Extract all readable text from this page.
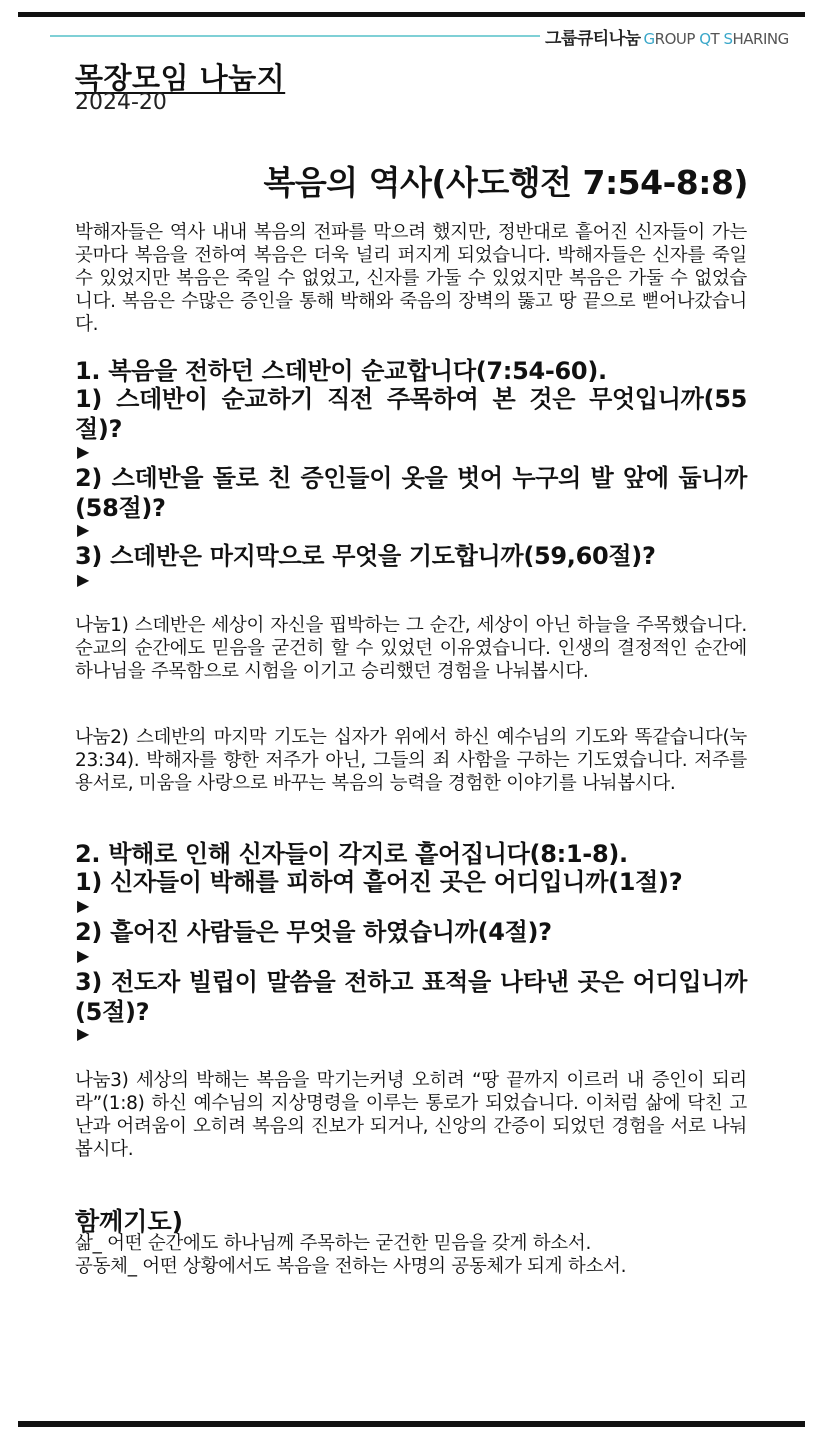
그룹큐티나눔 GROUP QT SHARING
목장모임 나눔지
2024-20
복음의 역사(사도행전 7:54-8:8)
박해자들은 역사 내내 복음의 전파를 막으려 했지만, 정반대로 흩어진 신자들이 가는 곳마다 복음을 전하여 복음은 더욱 널리 퍼지게 되었습니다. 박해자들은 신자를 죽일 수 있었지만 복음은 죽일 수 없었고, 신자를 가둘 수 있었지만 복음은 가둘 수 없었습니다. 복음은 수많은 증인을 통해 박해와 죽음의 장벽의 뚫고 땅 끝으로 뻗어나갔습니다.
1. 복음을 전하던 스데반이 순교합니다(7:54-60).
1) 스데반이 순교하기 직전 주목하여 본 것은 무엇입니까(55절)?
▶
2) 스데반을 돌로 친 증인들이 옷을 벗어 누구의 발 앞에 둡니까(58절)?
▶
3) 스데반은 마지막으로 무엇을 기도합니까(59,60절)?
▶
나눔1) 스데반은 세상이 자신을 핍박하는 그 순간, 세상이 아닌 하늘을 주목했습니다. 순교의 순간에도 믿음을 굳건히 할 수 있었던 이유였습니다. 인생의 결정적인 순간에 하나님을 주목함으로 시험을 이기고 승리했던 경험을 나눠봅시다.
나눔2) 스데반의 마지막 기도는 십자가 위에서 하신 예수님의 기도와 똑같습니다(눅 23:34). 박해자를 향한 저주가 아닌, 그들의 죄 사함을 구하는 기도였습니다. 저주를 용서로, 미움을 사랑으로 바꾸는 복음의 능력을 경험한 이야기를 나눠봅시다.
2. 박해로 인해 신자들이 각지로 흩어집니다(8:1-8).
1) 신자들이 박해를 피하여 흩어진 곳은 어디입니까(1절)?
▶
2) 흩어진 사람들은 무엇을 하였습니까(4절)?
▶
3) 전도자 빌립이 말씀을 전하고 표적을 나타낸 곳은 어디입니까(5절)?
▶
나눔3) 세상의 박해는 복음을 막기는커녕 오히려 “땅 끝까지 이르러 내 증인이 되리라”(1:8) 하신 예수님의 지상명령을 이루는 통로가 되었습니다. 이처럼 삶에 닥친 고난과 어려움이 오히려 복음의 진보가 되거나, 신앙의 간증이 되었던 경험을 서로 나눠봅시다.
함께기도)
삶_ 어떤 순간에도 하나님께 주목하는 굳건한 믿음을 갖게 하소서.
공동체_ 어떤 상황에서도 복음을 전하는 사명의 공동체가 되게 하소서.
